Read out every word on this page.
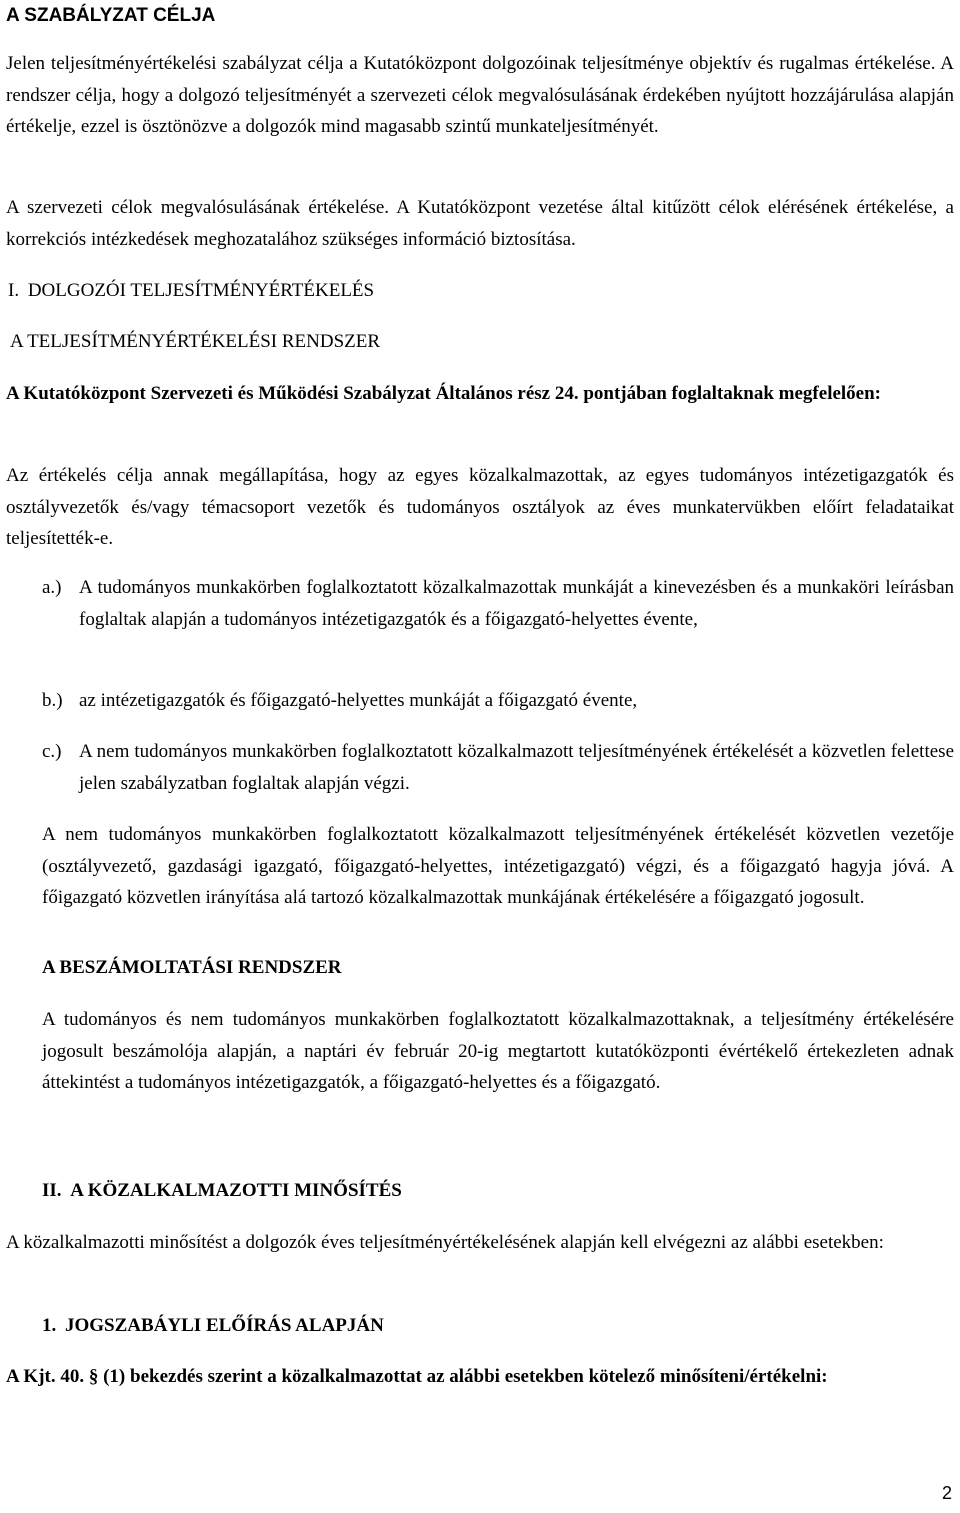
A SZABÁLYZAT CÉLJA

Jelen teljesítményértékelési szabályzat célja a Kutatóközpont dolgozóinak teljesítménye objektív és rugalmas értékelése. A rendszer célja, hogy a dolgozó teljesítményét a szervezeti célok megvalósulásának érdekében nyújtott hozzájárulása alapján értékelje, ezzel is ösztönözve a dolgozók mind magasabb szintű munkateljesítményét.

A szervezeti célok megvalósulásának értékelése. A Kutatóközpont vezetése által kitűzött célok elérésének értékelése, a korrekciós intézkedések meghozatalához szükséges információ biztosítása.

I. DOLGOZÓI TELJESÍTMÉNYÉRTÉKELÉS
A TELJESÍTMÉNYÉRTÉKELÉSI RENDSZER

A Kutatóközpont Szervezeti és Működési Szabályzat Általános rész 24. pontjában foglaltaknak megfelelően:

Az értékelés célja annak megállapítása, hogy az egyes közalkalmazottak, az egyes tudományos intézetigazgatók és osztályvezetők és/vagy témacsoport vezetők és tudományos osztályok az éves munkatervükben előírt feladataikat teljesítették-e.

a.) A tudományos munkakörben foglalkoztatott közalkalmazottak munkáját a kinevezésben és a munkaköri leírásban foglaltak alapján a tudományos intézetigazgatók és a főigazgató-helyettes évente,
b.) az intézetigazgatók és főigazgató-helyettes munkáját a főigazgató évente,
c.) A nem tudományos munkakörben foglalkoztatott közalkalmazott teljesítményének értékelését a közvetlen felettese jelen szabályzatban foglaltak alapján végzi.

A nem tudományos munkakörben foglalkoztatott közalkalmazott teljesítményének értékelését közvetlen vezetője (osztályvezető, gazdasági igazgató, főigazgató-helyettes, intézetigazgató) végzi, és a főigazgató hagyja jóvá. A főigazgató közvetlen irányítása alá tartozó közalkalmazottak munkájának értékelésére a főigazgató jogosult.

A BESZÁMOLTATÁSI RENDSZER

A tudományos és nem tudományos munkakörben foglalkoztatott közalkalmazottaknak, a teljesítmény értékelésére jogosult beszámolója alapján, a naptári év február 20-ig megtartott kutatóközponti évértékelő értekezleten adnak áttekintést a tudományos intézetigazgatók, a főigazgató-helyettes és a főigazgató.

II. A KÖZALKALMAZOTTI MINŐSÍTÉS

A közalkalmazotti minősítést a dolgozók éves teljesítményértékelésének alapján kell elvégezni az alábbi esetekben:

1. JOGSZABÁYLI ELŐÍRÁS ALAPJÁN

A Kjt. 40. § (1) bekezdés szerint a közalkalmazottat az alábbi esetekben kötelező minősíteni/értékelni:

2
